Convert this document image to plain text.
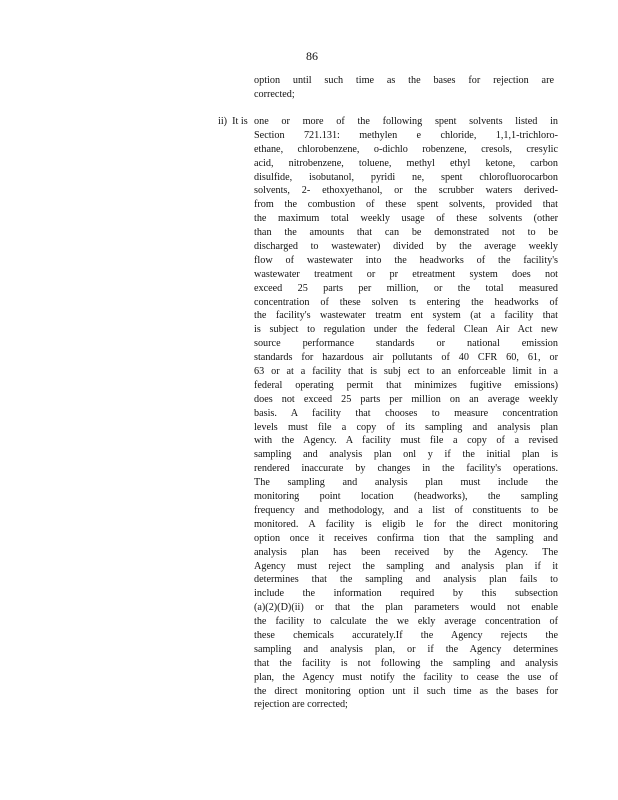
86
option until such time as the bases for rejection are
corrected;
ii) It is one or more of the following spent solvents listed in
Section 721.131: methylen e chloride, 1,1,1-trichloro-
ethane, chlorobenzene, o-dichlo robenzene, cresols, cresylic
acid, nitrobenzene, toluene, methyl ethyl ketone, carbon
disulfide, isobutanol, pyridi ne, spent chlorofluorocarbon
solvents, 2- ethoxyethanol, or the scrubber waters derived-
from the combustion of these spent solvents, provided that
the maximum total weekly usage of these solvents (other
than the amounts that can be demonstrated not to be
discharged to wastewater) divided by the average weekly
flow of wastewater into the headworks of the facility's
wastewater treatment or pr etreatment system does not
exceed 25 parts per million, or the total measured
concentration of these solven ts entering the headworks of
the facility's wastewater treatm ent system (at a facility that
is subject to regulation under the federal Clean Air Act new
source performance standards or national emission
standards for hazardous air pollutants of 40 CFR 60, 61, or
63 or at a facility that is subj ect to an enforceable limit in a
federal operating permit that minimizes fugitive emissions)
does not exceed 25 parts per million on an average weekly
basis. A facility that chooses to measure concentration
levels must file a copy of its sampling and analysis plan
with the Agency. A facility must file a copy of a revised
sampling and analysis plan onl y if the initial plan is
rendered inaccurate by changes in the facility's operations.
The sampling and analysis plan must include the
monitoring point location (headworks), the sampling
frequency and methodology, and a list of constituents to be
monitored. A facility is eligib le for the direct monitoring
option once it receives confirma tion that the sampling and
analysis plan has been received by the Agency. The
Agency must reject the sampling and analysis plan if it
determines that the sampling and analysis plan fails to
include the information required by this subsection
(a)(2)(D)(ii) or that the plan parameters would not enable
the facility to calculate the we ekly average concentration of
these chemicals accurately.If the Agency rejects the
sampling and analysis plan, or if the Agency determines
that the facility is not following the sampling and analysis
plan, the Agency must notify the facility to cease the use of
the direct monitoring option unt il such time as the bases for
rejection are corrected;
